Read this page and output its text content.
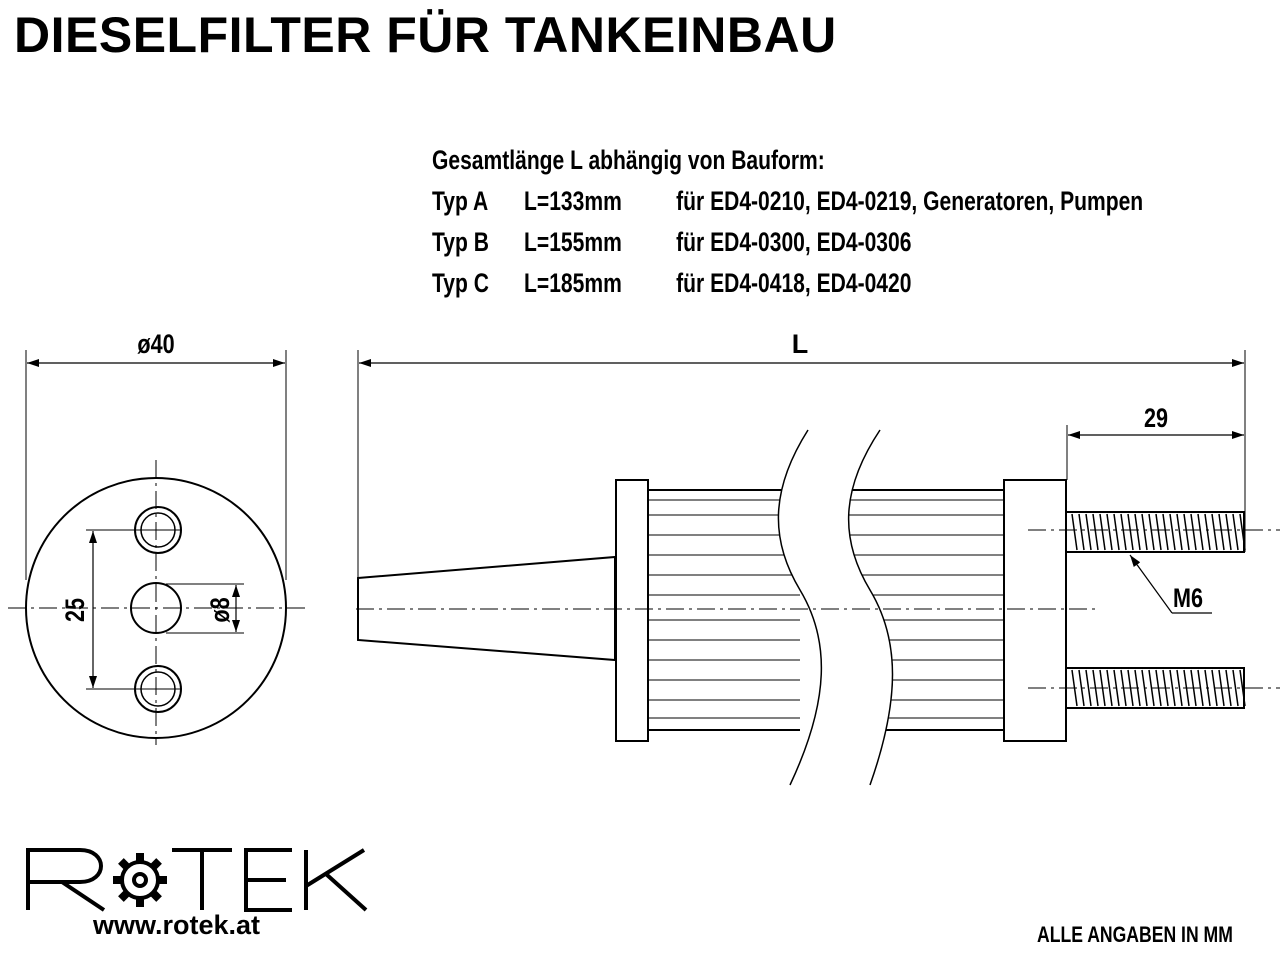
DIESELFILTER FÜR TANKEINBAU
Gesamtlänge L abhängig von Bauform:
Typ A L=133mm für ED4-0210, ED4-0219, Generatoren, Pumpen
Typ B L=155mm für ED4-0300, ED4-0306
Typ C L=185mm für ED4-0418, ED4-0420
ø40
25	ø8
L
29
M6
www.rotek.at	ALLE ANGABEN IN MM
